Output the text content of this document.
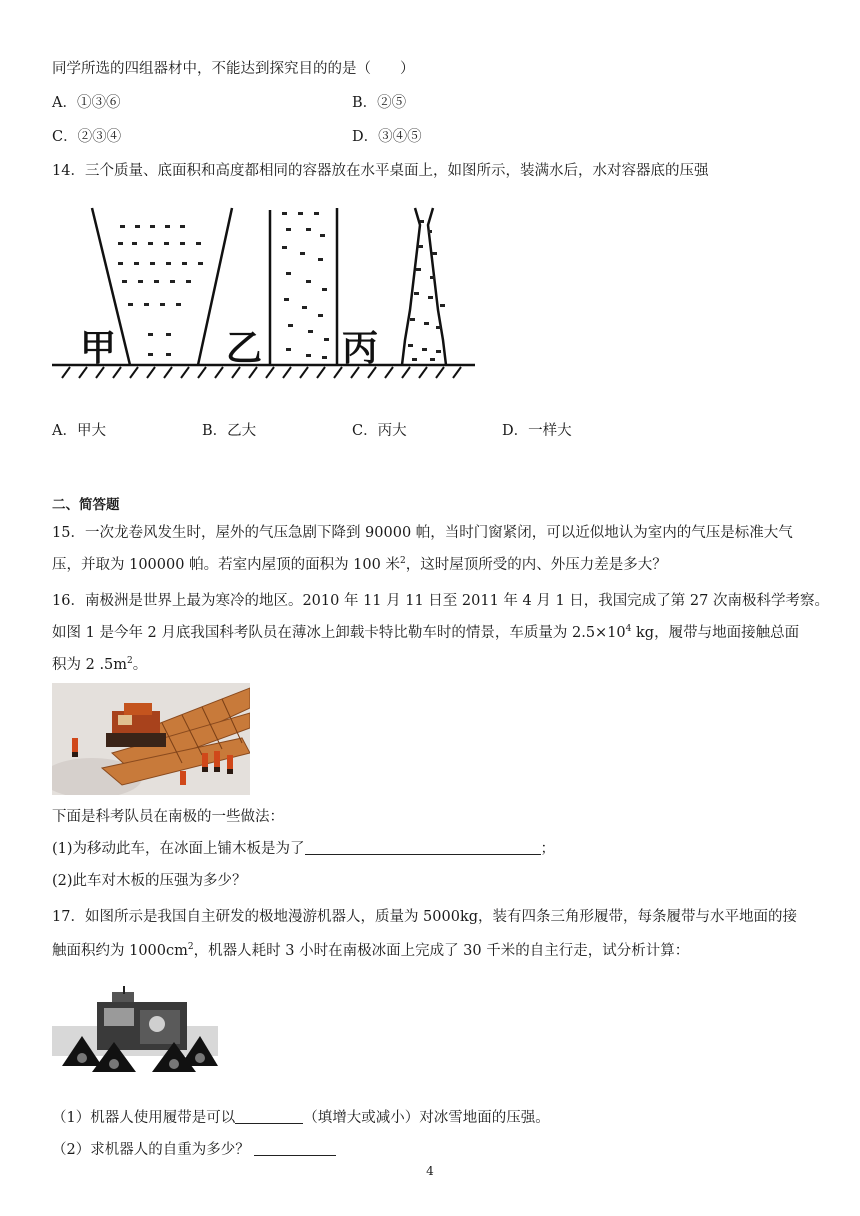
同学所选的四组器材中，不能达到探究目的的是（　　）
A．①③⑥	B．②⑤
C．②③④	D．③④⑤
14．三个质量、底面积和高度都相同的容器放在水平桌面上，如图所示，装满水后，水对容器底的压强
甲	乙 丙
A．甲大	B．乙大	C．丙大	D．一样大
二、简答题
15．一次龙卷风发生时，屋外的气压急剧下降到 90000 帕，当时门窗紧闭，可以近似地认为室内的气压是标准大气
压，并取为 100000 帕。若室内屋顶的面积为 100 米$^2$，这时屋顶所受的内、外压力差是多大？
16．南极洲是世界上最为寒冷的地区。2010 年 11 月 11 日至 2011 年 4 月 1 日，我国完成了第 27 次南极科学考察。
如图 1 是今年 2 月底我国科考队员在薄冰上卸载卡特比勒车时的情景，车质量为 $2.5\times 10^4$ kg，履带与地面接触总面
积为 2 $.5m^2$。
下面是科考队员在南极的一些做法：
(1)为移动此车，在冰面上铺木板是为了	；
(2)此车对木板的压强为多少？
17．如图所示是我国自主研发的极地漫游机器人，质量为 5000kg，装有四条三角形履带，每条履带与水平地面的接
触面积约为 $1000cm^2$，机器人耗时 3 小时在南极冰面上完成了 30 千米的自主行走，试分析计算：
（1）机器人使用履带是可以	（填增大或减小）对冰雪地面的压强。
（2）求机器人的自重为多少？
4
